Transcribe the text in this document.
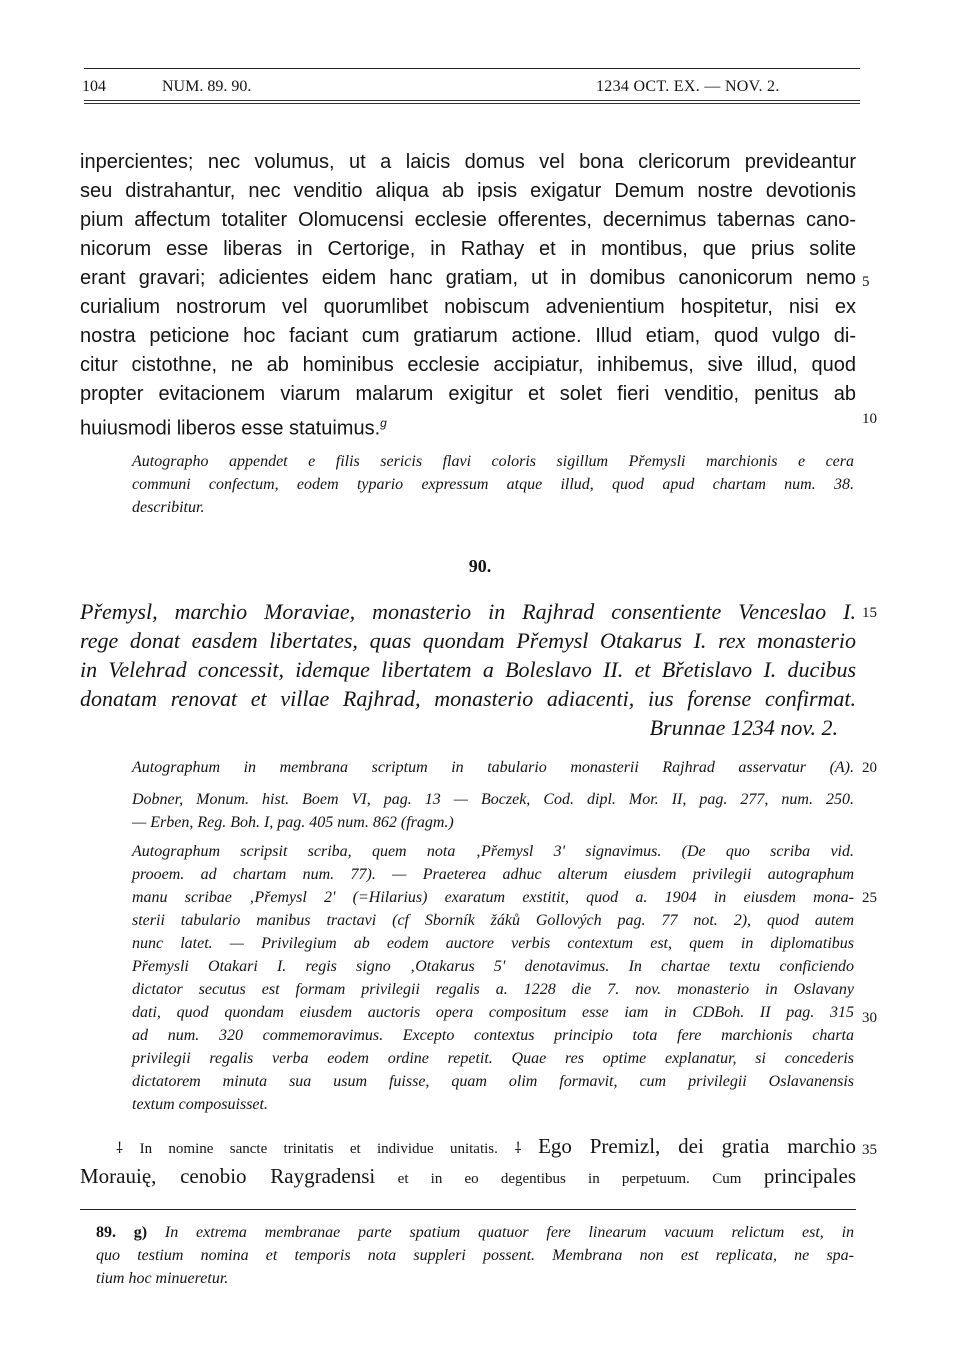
104	NUM. 89. 90.	1234 OCT. EX. — NOV. 2.
inpercientes; nec volumus, ut a laicis domus vel bona clericorum prevideantur
seu distrahantur, nec venditio aliqua ab ipsis exigatur Demum nostre devotionis
pium affectum totaliter Olomucensi ecclesie offerentes, decernimus tabernas cano-
nicorum esse liberas in Certorige, in Rathay et in montibus, que prius solite
erant gravari; adicientes eidem hanc gratiam, ut in domibus canonicorum nemo
curialium nostrorum vel quorumlibet nobiscum advenientium hospitetur, nisi ex
nostra peticione hoc faciant cum gratiarum actione. Illud etiam, quod vulgo di-
citur cistothne, ne ab hominibus ecclesie accipiatur, inhibemus, sive illud, quod
propter evitacionem viarum malarum exigitur et solet fieri venditio, penitus ab
huiusmodi liberos esse statuimus.$^g$
5
10
Autographo appendet e filis sericis flavi coloris sigillum Přemysli marchionis e cera
communi confectum, eodem typario expressum atque illud, quod apud chartam num. 38.
describitur.
90.
Přemysl, marchio Moraviae, monasterio in Rajhrad consentiente Venceslao I.
rege donat easdem libertates, quas quondam Přemysl Otakarus I. rex monasterio
in Velehrad concessit, idemque libertatem a Boleslavo II. et Břetislavo I. ducibus
donatam renovat et villae Rajhrad, monasterio adiacenti, ius forense confirmat.
Brunnae 1234 nov. 2.
15
Autographum in membrana scriptum in tabulario monasterii Rajhrad asservatur (A). 20
Dobner, Monum. hist. Boem VI, pag. 13 — Boczek, Cod. dipl. Mor. II, pag. 277, num. 250.
— Erben, Reg. Boh. I, pag. 405 num. 862 (fragm.)
Autographum scripsit scriba, quem nota ‚Přemysl 3' signavimus. (De quo scriba vid.
prooem. ad chartam num. 77). — Praeterea adhuc alterum eiusdem privilegii autographum
manu scribae ‚Přemysl 2' (=Hilarius) exaratum exstitit, quod a. 1904 in eiusdem mona-
sterii tabulario manibus tractavi (cf Sborník žáků Gollových pag. 77 not. 2), quod autem
nunc latet. — Privilegium ab eodem auctore verbis contextum est, quem in diplomatibus
Přemysli Otakari I. regis signo ‚Otakarus 5' denotavimus. In chartae textu conficiendo
dictator secutus est formam privilegii regalis a. 1228 die 7. nov. monasterio in Oslavany
dati, quod quondam eiusdem auctoris opera compositum esse iam in CDBoh. II pag. 315
ad num. 320 commemoravimus. Excepto contextus principio tota fere marchionis charta
privilegii regalis verba eodem ordine repetit. Quae res optime explanatur, si concederis
dictatorem minuta sua usum fuisse, quam olim formavit, cum privilegii Oslavanensis
textum composuisset.
25
30
⸸ In nomine sancte trinitatis et individue unitatis. ⸸ Ego Premizl, dei gratia marchio
Morauię, cenobio Raygradensi et in eo degentibus in perpetuum. Cum principales
35
89. g) In extrema membranae parte spatium quatuor fere linearum vacuum relictum est, in
quo testium nomina et temporis nota suppleri possent. Membrana non est replicata, ne spa-
tium hoc minueretur.
